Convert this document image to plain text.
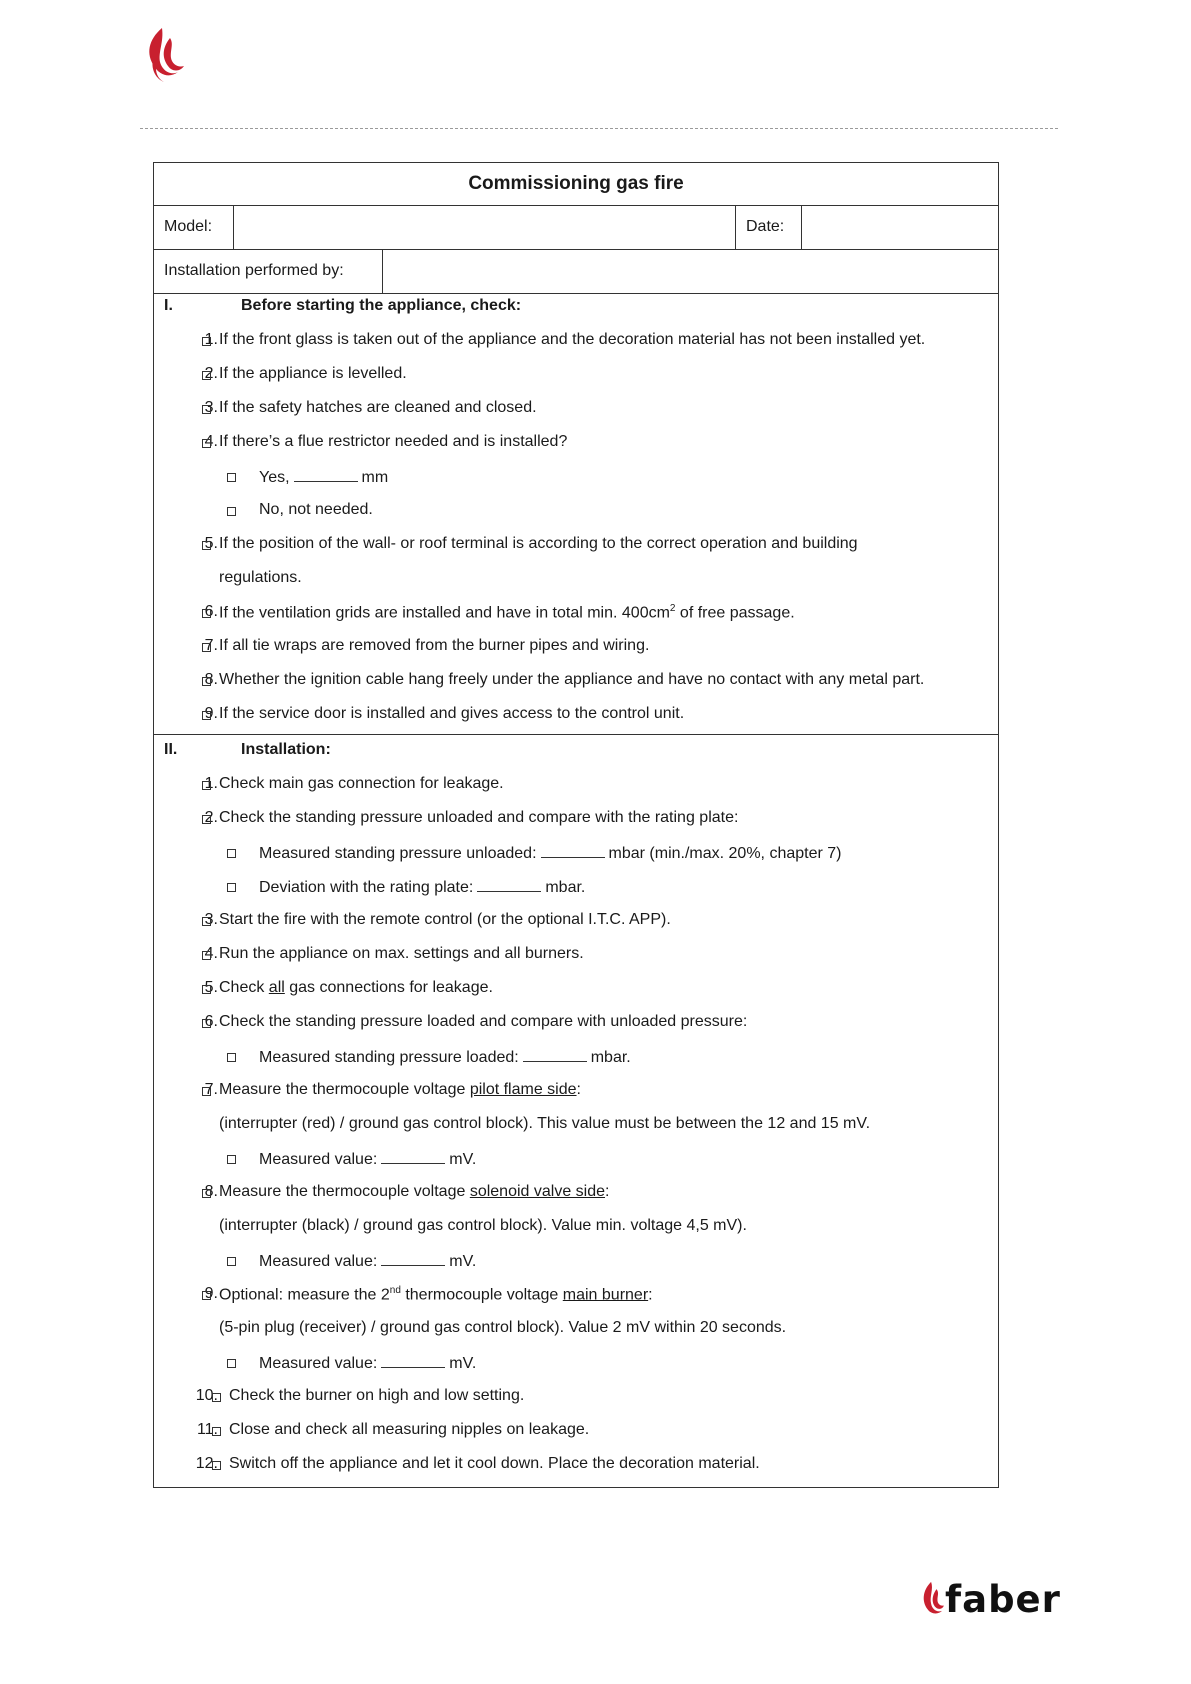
Commissioning gas fire
Model:	Date:
Installation performed by:
I.	Before starting the appliance, check:
1. If the front glass is taken out of the appliance and the decoration material has not been installed yet.
2. If the appliance is levelled.
3. If the safety hatches are cleaned and closed.
4. If there’s a flue restrictor needed and is installed?
Yes,	mm
No, not needed.
5. If the position of the wall- or roof terminal is according to the correct operation and building
regulations.
6. If the ventilation grids are installed and have in total min. $400cm^2$ of free passage.
7. If all tie wraps are removed from the burner pipes and wiring.
8. Whether the ignition cable hang freely under the appliance and have no contact with any metal part.
9. If the service door is installed and gives access to the control unit.
II.	Installation:
1. Check main gas connection for leakage.
2. Check the standing pressure unloaded and compare with the rating plate:
Measured standing pressure unloaded:	mbar (min./max. 20%, chapter 7)
Deviation with the rating plate:	mbar.
3. Start the fire with the remote control (or the optional I.T.C. APP).
4. Run the appliance on max. settings and all burners.
5. Check all gas connections for leakage.
6. Check the standing pressure loaded and compare with unloaded pressure:
Measured standing pressure loaded:	mbar.
7. Measure the thermocouple voltage pilot flame side:
(interrupter (red) / ground gas control block). This value must be between the 12 and 15 mV.
Measured value:	mV.
8. Measure the thermocouple voltage solenoid valve side:
(interrupter (black) / ground gas control block). Value min. voltage 4,5 mV).
Measured value:	mV.
9. Optional: measure the 2nd thermocouple voltage main burner:
(5-pin plug (receiver) / ground gas control block). Value 2 mV within 20 seconds.
Measured value:	mV.
10. Check the burner on high and low setting.
11. Close and check all measuring nipples on leakage.
12. Switch off the appliance and let it cool down. Place the decoration material.
faber
